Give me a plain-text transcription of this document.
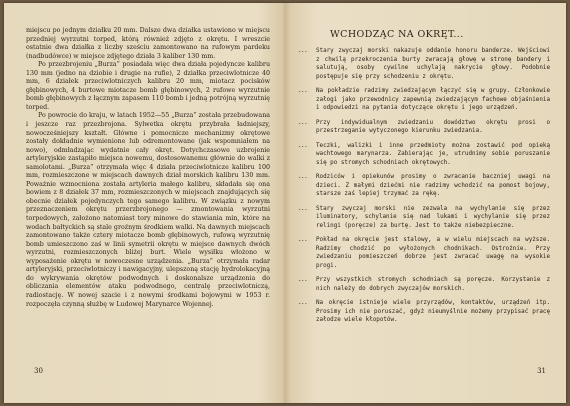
miejscu po jednym działku 20 mm. Dalsze dwa działka ustawiono w miejscu przedniej wyrzutni torped, którą również zdjęto z okrętu. I wreszcie ostatnie dwa działka z liczby sześciu zamontowano na rufowym pardeku (nadbudówce) w miejsce zdjętego działa 3 kaliber 130 mm.

Po przezbrojeniu „Burza” posiadała więc dwa działa pojedyncze kalibru 130 mm (jedno na dziobie i drugie na rufie), 2 działka przeciwlotnicze 40 mm, 6 działek przeciwlotniczych kalibru 20 mm, miotacz pocisków głębinowych, 4 burtowe miotacze bomb głębinowych, 2 rufowe wyrzutnie bomb głębinowych z łącznym zapasem 110 bomb i jedną potrójną wyrzutnię torped.

Po powrocie do kraju, w latach 1952—55 „Burza” została przebudowana i jeszcze raz przezbrojona. Sylwetka okrętu przybrała ładniejszy, nowocześniejszy kształt. Główne i pomocnicze mechanizmy okrętowe zostały dokładnie wymienione lub odremontowane (jak wspomniałem na nowo), odmładzając wydatnie cały okręt. Dotychczasowe uzbrojenie artyleryjskie zastąpiło miejsca nowemu, dostosowanemu głównie do walki z samolotami. „Burza” otrzymała więc 4 działa przeciwlotnicze kalibru 100 mm, rozmieszczone w miejscach dawnych dział morskich kalibru 130 mm. Poważnie wzmocniona została artyleria małego kalibru, składała się ona bowiem z 8 działek 37 mm, rozmieszczonych w miejscach znajdujących się obecnie działek pojedynczych tego samego kalibru. W związku z nowym przeznaczeniem okrętu przerzbrojonego — zmontowania wyrzutni torpedowych, założono natomiast tory minowe do stawiania min, które na wodach bałtyckich są stale groźnym środkiem walki. Na dawnych miejscach zamontowano także cztery miotacze bomb głębinowych, rufową wyrzutnię bomb umieszczono zaś w linii symetrii okrętu w miejsce dawnych dwóch wyrzutni, rozmieszczonych bliżej burt. Wiele wysiłku włożono w wyposażenie okrętu w nowoczesne urządzenia. „Burza” otrzymała radar artyleryjski, przeciwlotniczy i nawigacyjny, ulepszoną stację hydrolokacyjną do wykrywania okrętów podwodnych i doskonalsze urządzenia do obliczania elementów ataku podwodnego, centralę przeciwlotniczą, radiostację. W nowej szacie i z nowymi środkami bojowymi w 1953 r. rozpoczęła czynną służbę w Ludowej Marynarce Wojennej.

30
WCHODZĄC NA OKRĘT...
...	Stary zwyczaj morski nakazuje oddanie honoru banderze. Wejściowi z chwilą przekroczenia burty zwracają głowę w stronę bandery i salutują, osoby cywilne uchylają nakrycie głowy. Podobnie postępuje się przy schodzeniu z okrętu.
...	Na pokładzie radzimy zwiedzającym łączyć się w grupy. Członkowie załogi jako przewodnicy zapewnią zwiedzającym fachowe objaśnienia i odpowiedzi na pytania dotyczące okrętu i jego urządzeń.
...	Przy indywidualnym zwiedzaniu dowództwo okrętu prosi o przestrzeganie wytyczonego kierunku zwiedzania.
...	Teczki, walizki i inne przedmioty można zostawić pod opieką wachtowego marynarza. Zabierając je, utrudnimy sobie poruszanie się po stromych schodniach okrętowych.
...	Rodziców i opiekunów prosimy o zwracanie baczniej uwagi na dzieci. Z małymi dziećmi nie radzimy wchodzić na pomost bojowy, starsze zaś lepiej trzymać za rękę.
...	Stary zwyczaj morski nie zezwala na wychylanie się przez iluminatory, schylanie się nad lukami i wychylanie się przez relingi (poręcze) za burtę. Jest to także niebezpieczne.
...	Pokład na okręcie jest stalowy, a w wielu miejscach na wyższe. Radzimy chodzić po wyłożonych chodnikach. Ostrożnie. Przy zwiedzaniu pomieszczeń dobrze jest zwracać uwagę na wysokie progi.
...	Przy wszystkich stromych schodniach są poręcze. Korzystanie z nich należy do dobrych zwyczajów morskich.
...	Na okręcie istnieje wiele przyrządów, kontaktów, urządzeń itp. Prosimy ich nie poruszać, gdyż nieumyślnie możemy przypisać pracę załodze wiele kłopotów.
31
